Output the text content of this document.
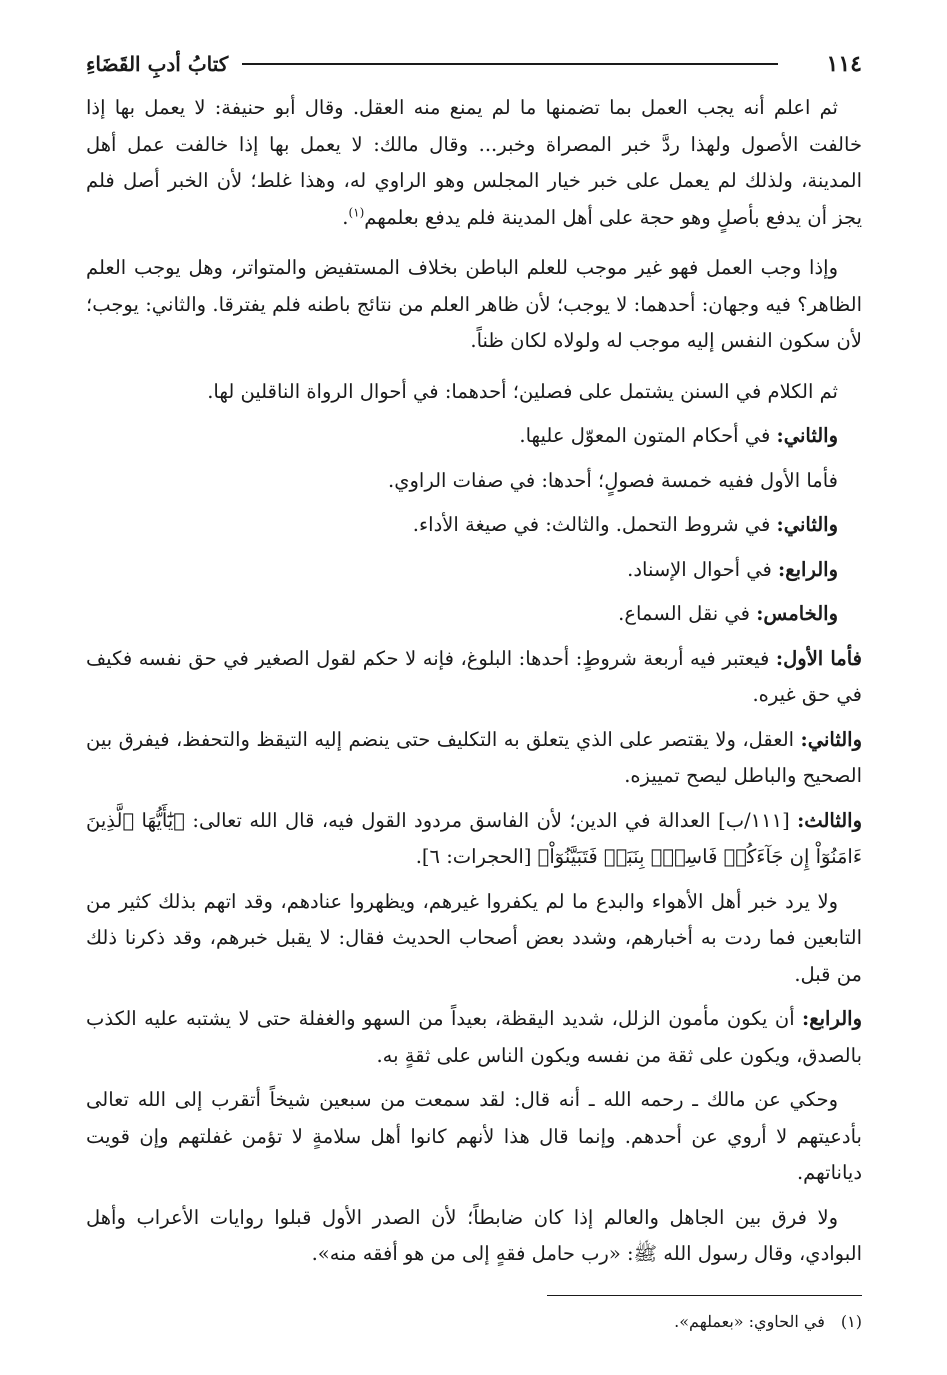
١١٤
كتابُ أدبِ القَضَاءِ

ثم اعلم أنه يجب العمل بما تضمنها ما لم يمنع منه العقل. وقال أبو حنيفة: لا يعمل بها إذا خالفت الأصول ولهذا ردَّ خبر المصراة وخبر... وقال مالك: لا يعمل بها إذا خالفت عمل أهل المدينة، ولذلك لم يعمل على خبر خيار المجلس وهو الراوي له، وهذا غلط؛ لأن الخبر أصل فلم يجز أن يدفع بأصلٍ وهو حجة على أهل المدينة فلم يدفع بعلمهم$^{(١)}$.

وإذا وجب العمل فهو غير موجب للعلم الباطن بخلاف المستفيض والمتواتر، وهل يوجب العلم الظاهر؟ فيه وجهان: أحدهما: لا يوجب؛ لأن ظاهر العلم من نتائج باطنه فلم يفترقا. والثاني: يوجب؛ لأن سكون النفس إليه موجب له ولولاه لكان ظناً.

ثم الكلام في السنن يشتمل على فصلين؛ أحدهما: في أحوال الرواة الناقلين لها.

والثاني: في أحكام المتون المعوّل عليها.

فأما الأول ففيه خمسة فصولٍ؛ أحدها: في صفات الراوي.

والثاني: في شروط التحمل. والثالث: في صيغة الأداء.

والرابع: في أحوال الإسناد.

والخامس: في نقل السماع.

فأما الأول: فيعتبر فيه أربعة شروطٍ: أحدها: البلوغ، فإنه لا حكم لقول الصغير في حق نفسه فكيف في حق غيره.

والثاني: العقل، ولا يقتصر على الذي يتعلق به التكليف حتى ينضم إليه التيقظ والتحفظ، فيفرق بين الصحيح والباطل ليصح تمييزه.

والثالث: [١١١/ب] العدالة في الدين؛ لأن الفاسق مردود القول فيه، قال الله تعالى: ﴿يَٰٓأَيُّهَا ٱلَّذِينَ ءَامَنُوٓاْ إِن جَآءَكُمۡ فَاسِقُۢ بِنَبَإٖ فَتَبَيَّنُوٓاْ﴾ [الحجرات: ٦].

ولا يرد خبر أهل الأهواء والبدع ما لم يكفروا غيرهم، ويظهروا عنادهم، وقد اتهم بذلك كثير من التابعين فما ردت به أخبارهم، وشدد بعض أصحاب الحديث فقال: لا يقبل خبرهم، وقد ذكرنا ذلك من قبل.

والرابع: أن يكون مأمون الزلل، شديد اليقظة، بعيداً من السهو والغفلة حتى لا يشتبه عليه الكذب بالصدق، ويكون على ثقة من نفسه ويكون الناس على ثقةٍ به.

وحكي عن مالك ـ رحمه الله ـ أنه قال: لقد سمعت من سبعين شيخاً أتقرب إلى الله تعالى بأدعيتهم لا أروي عن أحدهم. وإنما قال هذا لأنهم كانوا أهل سلامةٍ لا تؤمن غفلتهم وإن قويت دياناتهم.

ولا فرق بين الجاهل والعالم إذا كان ضابطاً؛ لأن الصدر الأول قبلوا روايات الأعراب وأهل البوادي، وقال رسول الله ﷺ: «رب حامل فقهٍ إلى من هو أفقه منه».

(١)في الحاوي: «بعملهم».
